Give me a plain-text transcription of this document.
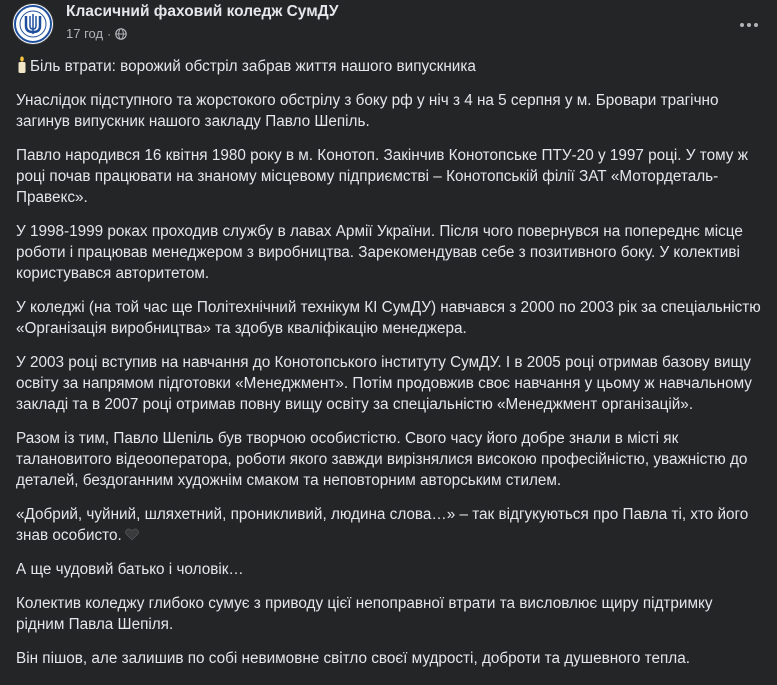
Класичний фаховий коледж СумДУ
17 год ·

Біль втрати: ворожий обстріл забрав життя нашого випускника

Унаслідок підступного та жорстокого обстрілу з боку рф у ніч з 4 на 5 серпня у м. Бровари трагічно загинув випускник нашого закладу Павло Шепіль.

Павло народився 16 квітня 1980 року в м. Конотоп. Закінчив Конотопське ПТУ-20 у 1997 році. У тому ж році почав працювати на знаному місцевому підприємстві – Конотопській філії ЗАТ «Мотордеталь-Правекс».

У 1998-1999 роках проходив службу в лавах Армії України. Після чого повернувся на попереднє місце роботи і працював менеджером з виробництва. Зарекомендував себе з позитивного боку. У колективі користувався авторитетом.

У коледжі (на той час ще Політехнічний технікум КІ СумДУ) навчався з 2000 по 2003 рік за спеціальністю «Організація виробництва» та здобув кваліфікацію менеджера.

У 2003 році вступив на навчання до Конотопського інституту СумДУ. І в 2005 році отримав базову вищу освіту за напрямом підготовки «Менеджмент». Потім продовжив своє навчання у цьому ж навчальному закладі та в 2007 році отримав повну вищу освіту за спеціальністю «Менеджмент організацій».

Разом із тим, Павло Шепіль був творчою особистістю. Свого часу його добре знали в місті як талановитого відеооператора, роботи якого завжди вирізнялися високою професійністю, уважністю до деталей, бездоганним художнім смаком та неповторним авторським стилем.

«Добрий, чуйний, шляхетний, проникливий, людина слова…» – так відгукуються про Павла ті, хто його знав особисто.

А ще чудовий батько і чоловік…

Колектив коледжу глибоко сумує з приводу цієї непоправної втрати та висловлює щиру підтримку рідним Павла Шепіля.

Він пішов, але залишив по собі невимовне світло своєї мудрості, доброти та душевного тепла.
